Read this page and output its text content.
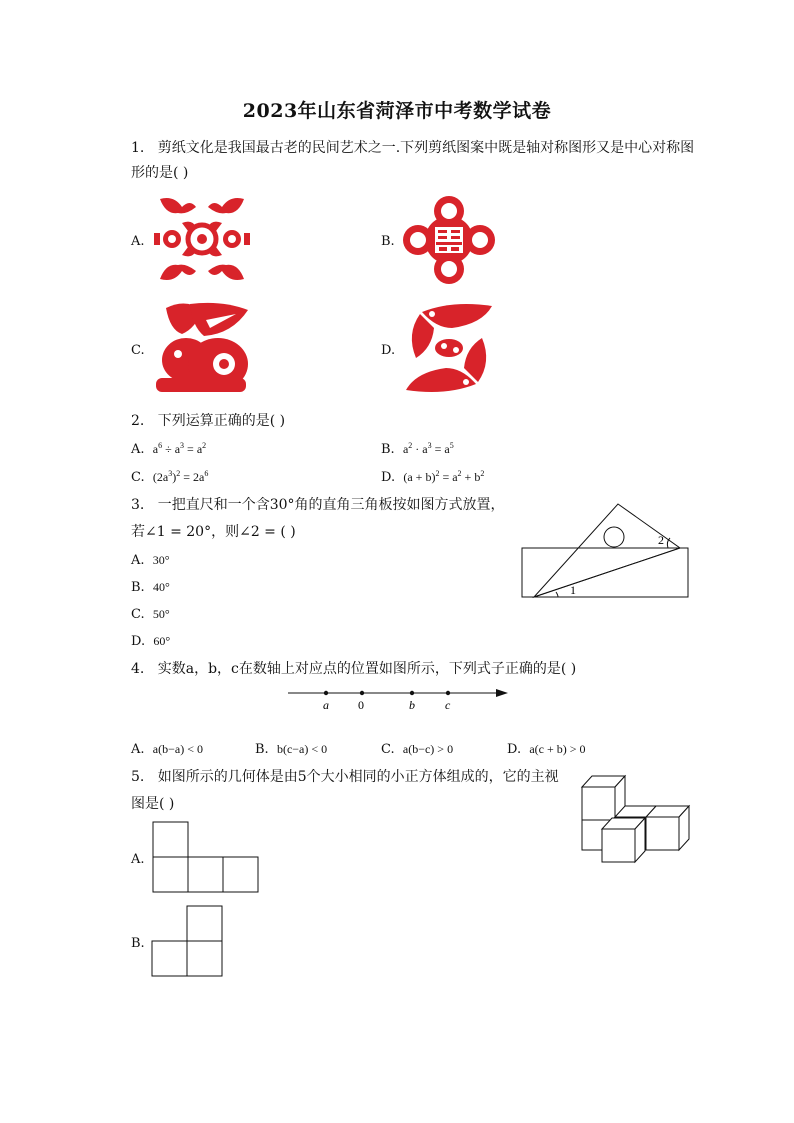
2023年山东省菏泽市中考数学试卷
1. 剪纸文化是我国最古老的民间艺术之一.下列剪纸图案中既是轴对称图形又是中心对称图
形的是( )
A.	B.
C.	D.
2. 下列运算正确的是( )
A. $a^6 \div a^3 = a^2$	B. $a^2 \cdot a^3 = a^5$
C. $(2a^3)^2 = 2a^6$	D. $(a + b)^2 = a^2 + b^2$
3. 一把直尺和一个含30°角的直角三角板按如图方式放置，
若∠1 = 20°，则∠2 = ( )
A. 30°
B. 40°
C. 50°
D. 60°
1
2
4. 实数a，b，c在数轴上对应点的位置如图所示，下列式子正确的是( )
a 0	b	c
A. a(b−a) < 0	B. b(c−a) < 0	C. a(b−c) > 0	D. a(c + b) > 0
5. 如图所示的几何体是由5个大小相同的小正方体组成的，它的主视
图是( )
A.
B.
